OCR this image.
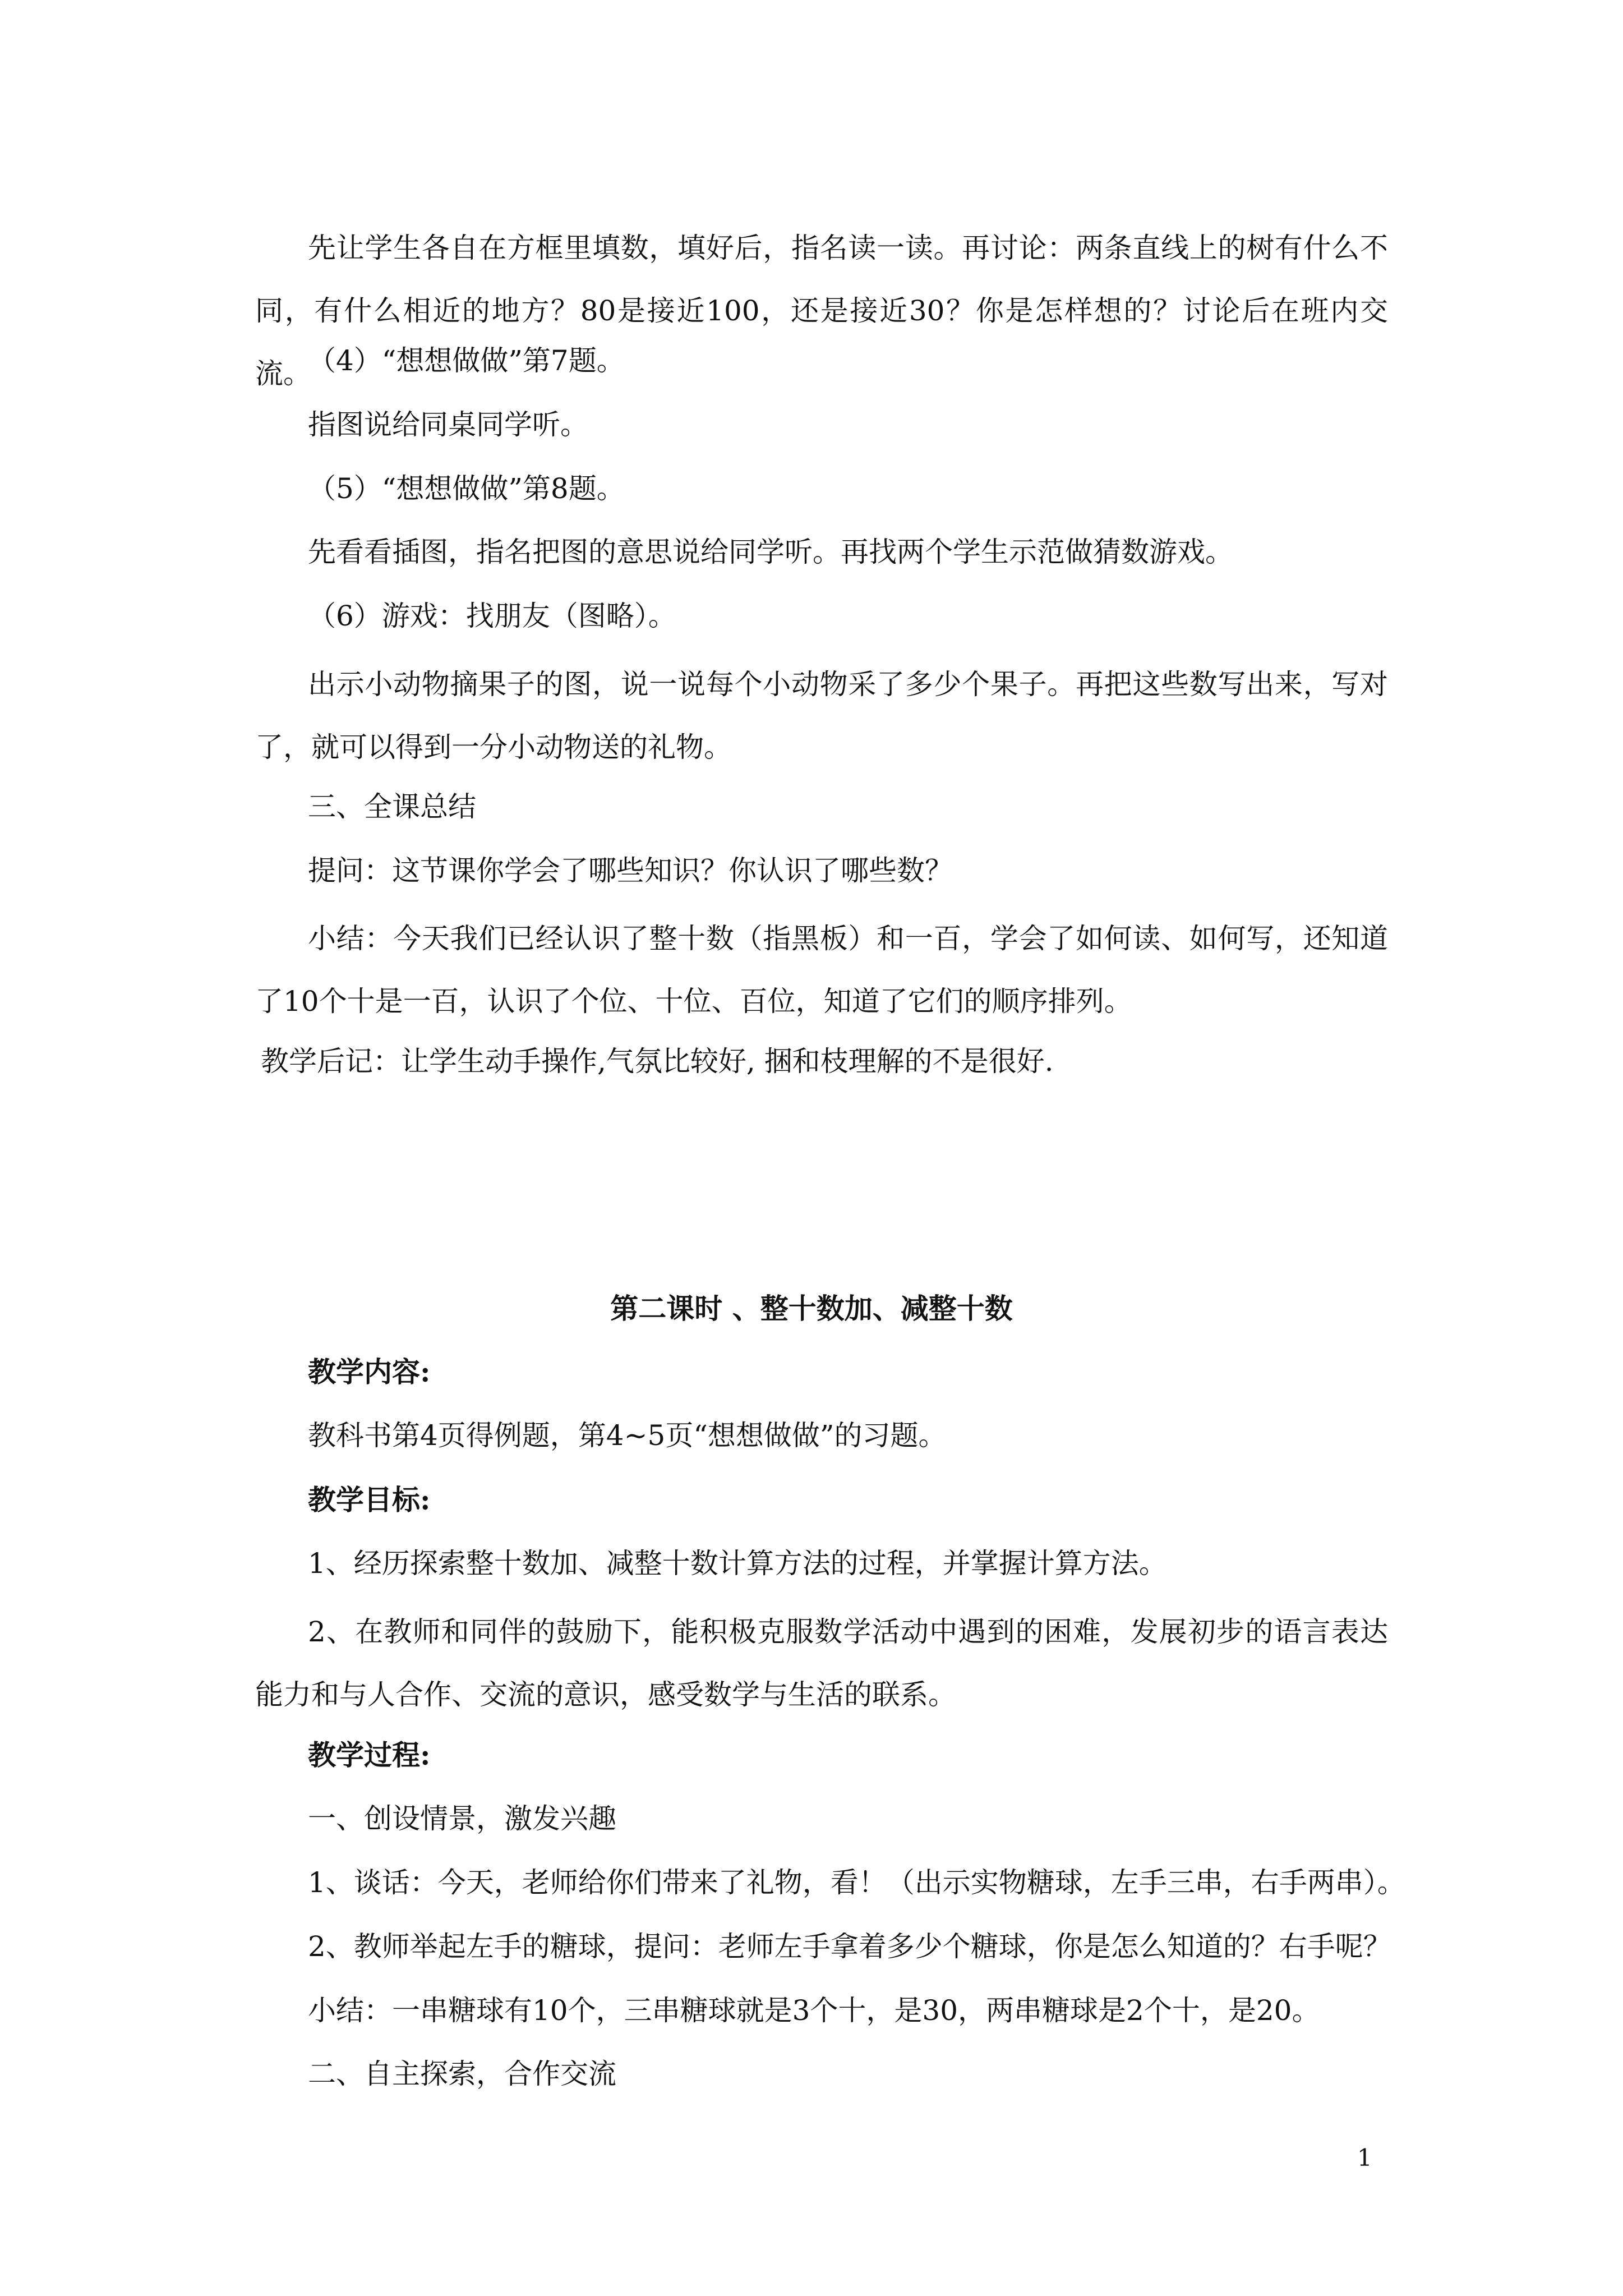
先让学生各自在方框里填数，填好后，指名读一读。再讨论：两条直线上的树有什么不同，有什么相近的地方？80是接近100，还是接近30？你是怎样想的？讨论后在班内交流。

（4）“想想做做”第7题。

指图说给同桌同学听。

（5）“想想做做”第8题。

先看看插图，指名把图的意思说给同学听。再找两个学生示范做猜数游戏。

（6）游戏：找朋友（图略）。

出示小动物摘果子的图，说一说每个小动物采了多少个果子。再把这些数写出来，写对了，就可以得到一分小动物送的礼物。

三、全课总结

提问：这节课你学会了哪些知识？你认识了哪些数？

小结：今天我们已经认识了整十数（指黑板）和一百，学会了如何读、如何写，还知道了10个十是一百，认识了个位、十位、百位，知道了它们的顺序排列。

教学后记：让学生动手操作,气氛比较好, 捆和枝理解的不是很好.

第二课时 、整十数加、减整十数

教学内容:

教科书第4页得例题，第4~5页“想想做做”的习题。

教学目标:

1、经历探索整十数加、减整十数计算方法的过程，并掌握计算方法。

2、在教师和同伴的鼓励下，能积极克服数学活动中遇到的困难，发展初步的语言表达能力和与人合作、交流的意识，感受数学与生活的联系。

教学过程:

一、创设情景，激发兴趣

1、谈话：今天，老师给你们带来了礼物，看！（出示实物糖球，左手三串，右手两串）。

2、教师举起左手的糖球，提问：老师左手拿着多少个糖球，你是怎么知道的？右手呢？

小结：一串糖球有10个，三串糖球就是3个十，是30，两串糖球是2个十，是20。

二、自主探索，合作交流

1
